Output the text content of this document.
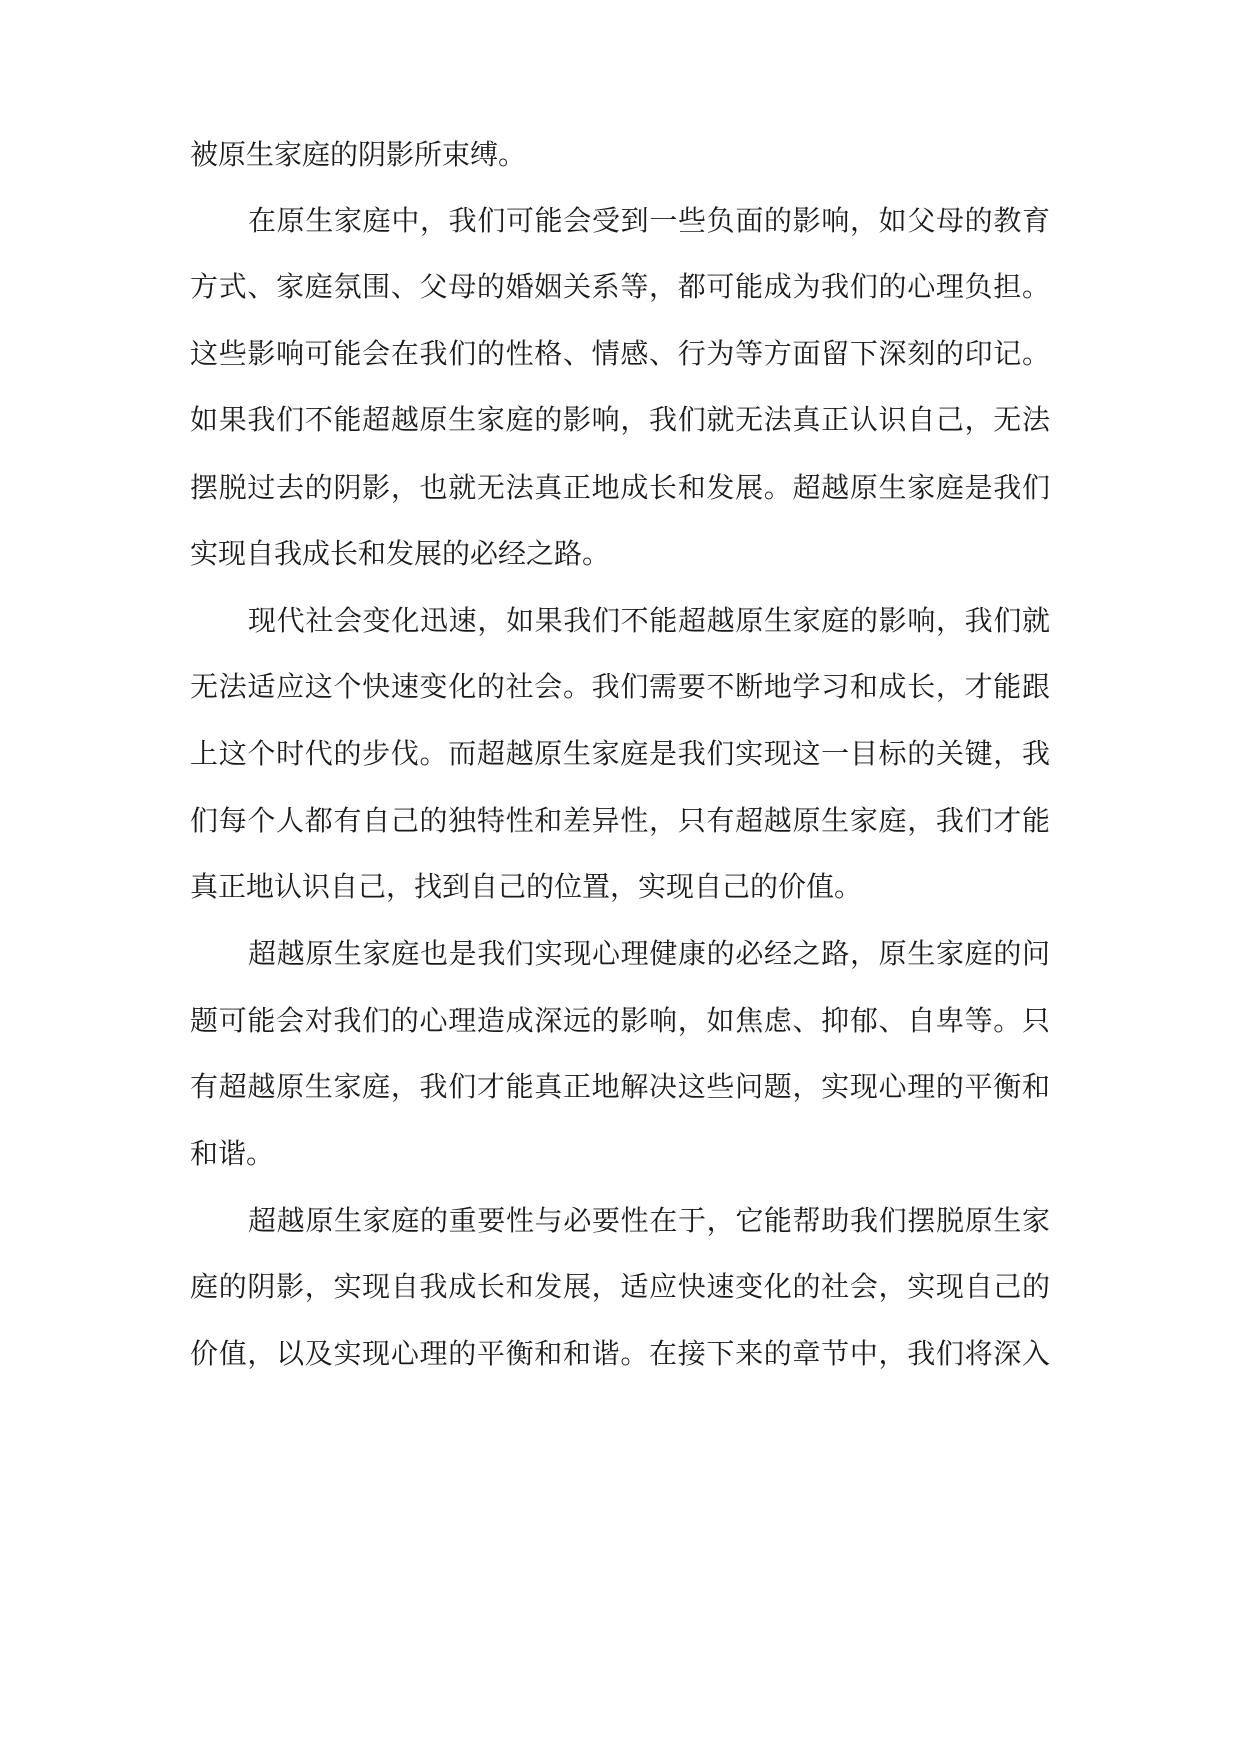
被原生家庭的阴影所束缚。
在原生家庭中，我们可能会受到一些负面的影响，如父母的教育
方式、家庭氛围、父母的婚姻关系等，都可能成为我们的心理负担。
这些影响可能会在我们的性格、情感、行为等方面留下深刻的印记。
如果我们不能超越原生家庭的影响，我们就无法真正认识自己，无法
摆脱过去的阴影，也就无法真正地成长和发展。超越原生家庭是我们
实现自我成长和发展的必经之路。
现代社会变化迅速，如果我们不能超越原生家庭的影响，我们就
无法适应这个快速变化的社会。我们需要不断地学习和成长，才能跟
上这个时代的步伐。而超越原生家庭是我们实现这一目标的关键，我
们每个人都有自己的独特性和差异性，只有超越原生家庭，我们才能
真正地认识自己，找到自己的位置，实现自己的价值。
超越原生家庭也是我们实现心理健康的必经之路，原生家庭的问
题可能会对我们的心理造成深远的影响，如焦虑、抑郁、自卑等。只
有超越原生家庭，我们才能真正地解决这些问题，实现心理的平衡和
和谐。
超越原生家庭的重要性与必要性在于，它能帮助我们摆脱原生家
庭的阴影，实现自我成长和发展，适应快速变化的社会，实现自己的
价值，以及实现心理的平衡和和谐。在接下来的章节中，我们将深入
